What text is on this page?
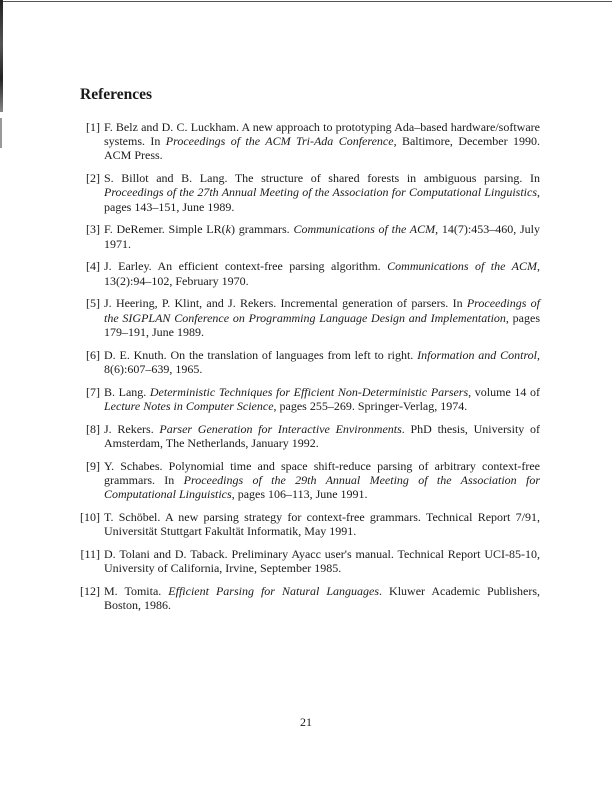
References
[1] F. Belz and D. C. Luckham. A new approach to prototyping Ada–based hardware/software systems. In Proceedings of the ACM Tri-Ada Conference, Baltimore, December 1990. ACM Press.
[2] S. Billot and B. Lang. The structure of shared forests in ambiguous parsing. In Proceedings of the 27th Annual Meeting of the Association for Computational Linguistics, pages 143–151, June 1989.
[3] F. DeRemer. Simple LR(k) grammars. Communications of the ACM, 14(7):453–460, July 1971.
[4] J. Earley. An efficient context-free parsing algorithm. Communications of the ACM, 13(2):94–102, February 1970.
[5] J. Heering, P. Klint, and J. Rekers. Incremental generation of parsers. In Proceedings of the SIGPLAN Conference on Programming Language Design and Implementation, pages 179–191, June 1989.
[6] D. E. Knuth. On the translation of languages from left to right. Information and Control, 8(6):607–639, 1965.
[7] B. Lang. Deterministic Techniques for Efficient Non-Deterministic Parsers, volume 14 of Lecture Notes in Computer Science, pages 255–269. Springer-Verlag, 1974.
[8] J. Rekers. Parser Generation for Interactive Environments. PhD thesis, University of Amsterdam, The Netherlands, January 1992.
[9] Y. Schabes. Polynomial time and space shift-reduce parsing of arbitrary context-free grammars. In Proceedings of the 29th Annual Meeting of the Association for Computational Linguistics, pages 106–113, June 1991.
[10] T. Schöbel. A new parsing strategy for context-free grammars. Technical Report 7/91, Universität Stuttgart Fakultät Informatik, May 1991.
[11] D. Tolani and D. Taback. Preliminary Ayacc user's manual. Technical Report UCI-85-10, University of California, Irvine, September 1985.
[12] M. Tomita. Efficient Parsing for Natural Languages. Kluwer Academic Publishers, Boston, 1986.
21
